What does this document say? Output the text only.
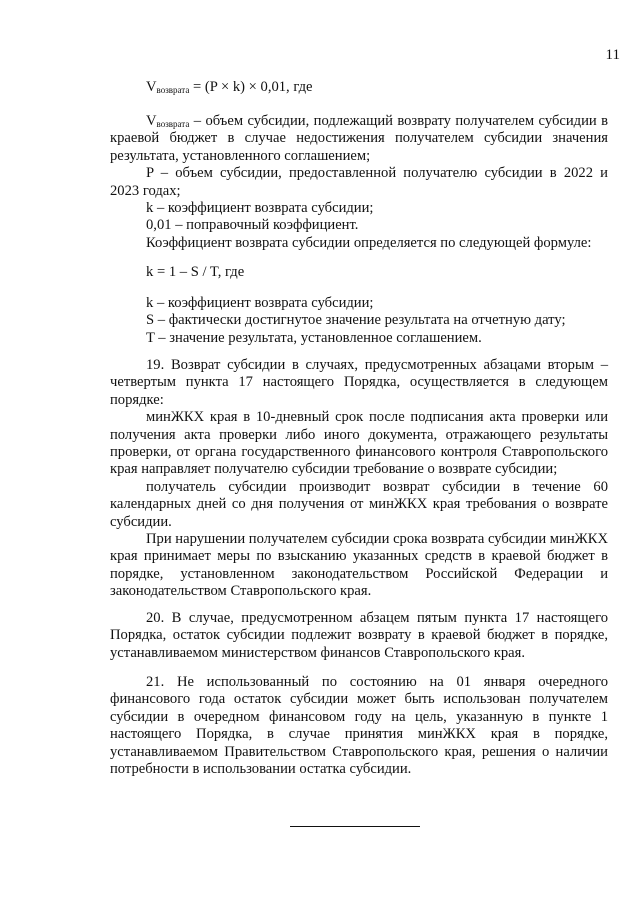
11

$V_{возврата} = (P \times k) \times 0,01$, где

$V_{возврата}$ – объем субсидии, подлежащий возврату получателем субсидии в краевой бюджет в случае недостижения получателем субсидии значения результата, установленного соглашением;

P – объем субсидии, предоставленной получателю субсидии в 2022 и 2023 годах;

k – коэффициент возврата субсидии;

0,01 – поправочный коэффициент.

Коэффициент возврата субсидии определяется по следующей формуле:

k = 1 – S / T, где

k – коэффициент возврата субсидии;

S – фактически достигнутое значение результата на отчетную дату;

T – значение результата, установленное соглашением.

19. Возврат субсидии в случаях, предусмотренных абзацами вторым – четвертым пункта 17 настоящего Порядка, осуществляется в следующем порядке:

минЖКХ края в 10-дневный срок после подписания акта проверки или получения акта проверки либо иного документа, отражающего результаты проверки, от органа государственного финансового контроля Ставропольского края направляет получателю субсидии требование о возврате субсидии;

получатель субсидии производит возврат субсидии в течение 60 календарных дней со дня получения от минЖКХ края требования о возврате субсидии.

При нарушении получателем субсидии срока возврата субсидии минЖКХ края принимает меры по взысканию указанных средств в краевой бюджет в порядке, установленном законодательством Российской Федерации и законодательством Ставропольского края.

20. В случае, предусмотренном абзацем пятым пункта 17 настоящего Порядка, остаток субсидии подлежит возврату в краевой бюджет в порядке, устанавливаемом министерством финансов Ставропольского края.

21. Не использованный по состоянию на 01 января очередного финансового года остаток субсидии может быть использован получателем субсидии в очередном финансовом году на цель, указанную в пункте 1 настоящего Порядка, в случае принятия минЖКХ края в порядке, устанавливаемом Правительством Ставропольского края, решения о наличии потребности в использовании остатка субсидии.
